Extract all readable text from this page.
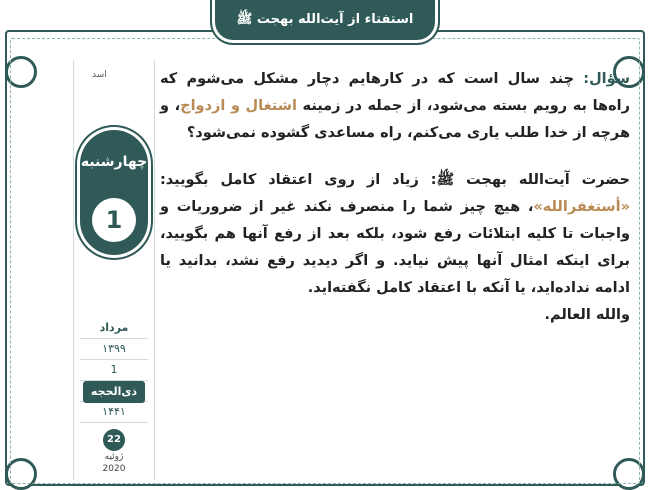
استفتاء از آیت‌الله بهجت ﷺ
اسد
چهارشنبه
1
مرداد
۱۳۹۹
1
ذی‌الحجه
۱۴۴۱
22
ژوئیه
2020

سؤال: چند سال است که در کارهایم دچار مشکل می‌شوم که راه‌ها به رویم بسته می‌شود، از جمله در زمینه اشتغال و ازدواج، و هرچه از خدا طلب یاری می‌کنم، راه مساعدی گشوده نمی‌شود؟

حضرت آیت‌الله بهجت ﷺ: زیاد از روی اعتقاد کامل بگویید: «أستغفرالله»، هیچ چیز شما را منصرف نکند غیر از ضروریات و واجبات تا کلیه ابتلائات رفع شود، بلکه بعد از رفع آنها هم بگویید، برای اینکه امثال آنها پیش نیاید. و اگر دیدید رفع نشد، بدانید یا ادامه نداده‌اید، یا آنکه با اعتقاد کامل نگفته‌اید.
والله العالم.
